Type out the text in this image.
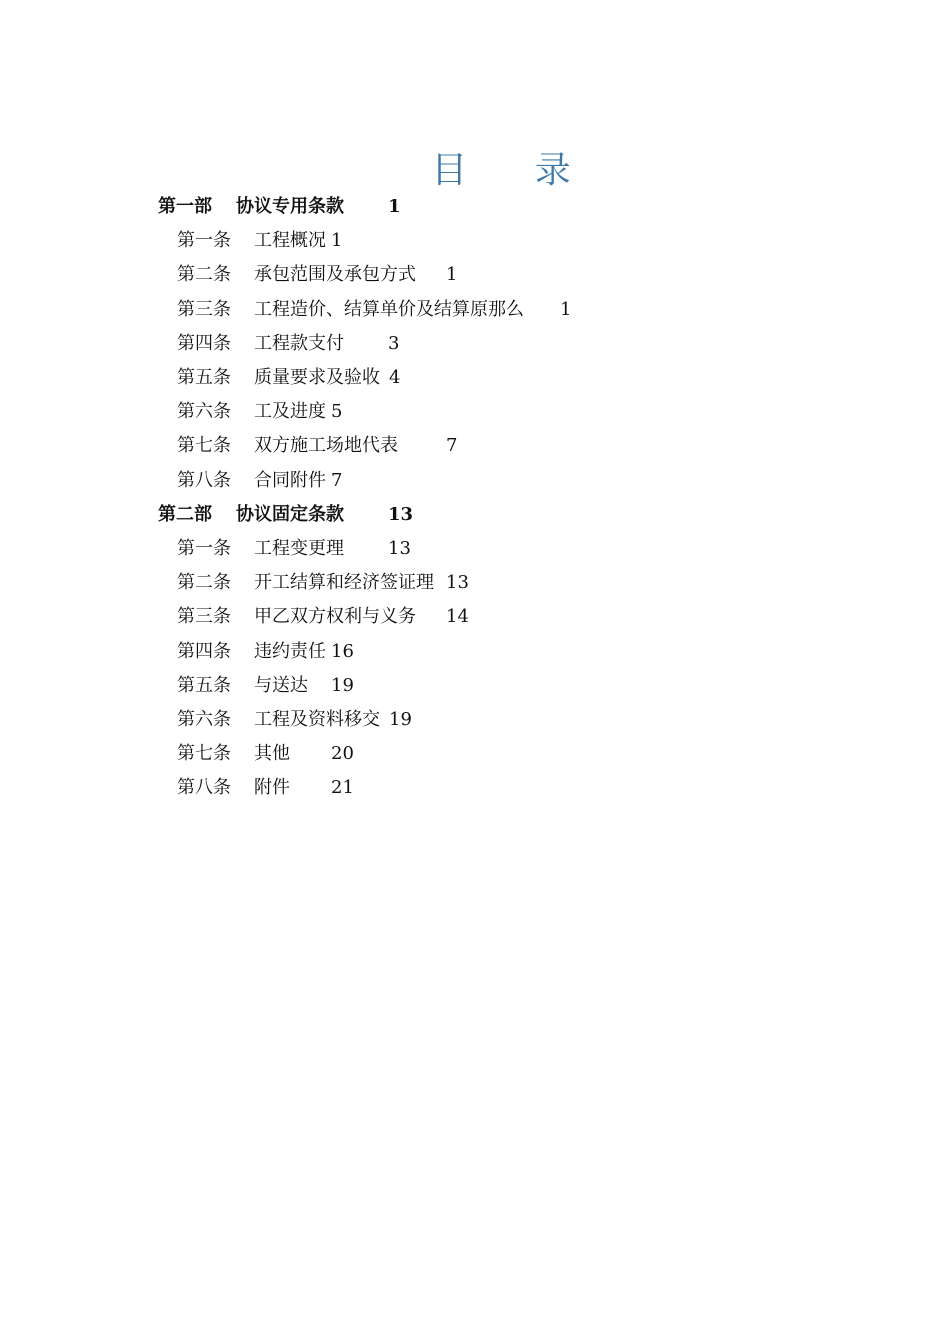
目 录
第一部 协议专用条款 1
第一条 工程概况 1
第二条 承包范围及承包方式 1
第三条 工程造价、结算单价及结算原那么 1
第四条 工程款支付 3
第五条 质量要求及验收 4
第六条 工及进度 5
第七条 双方施工场地代表	7
第八条 合同附件 7
第二部 协议固定条款 13
第一条 工程变更理 13
第二条 开工结算和经济签证理 13
第三条 甲乙双方权利与义务 14
第四条 违约责任 16
第五条 与送达 19
第六条 工程及资料移交 19
第七条 其他 20
第八条 附件 21
